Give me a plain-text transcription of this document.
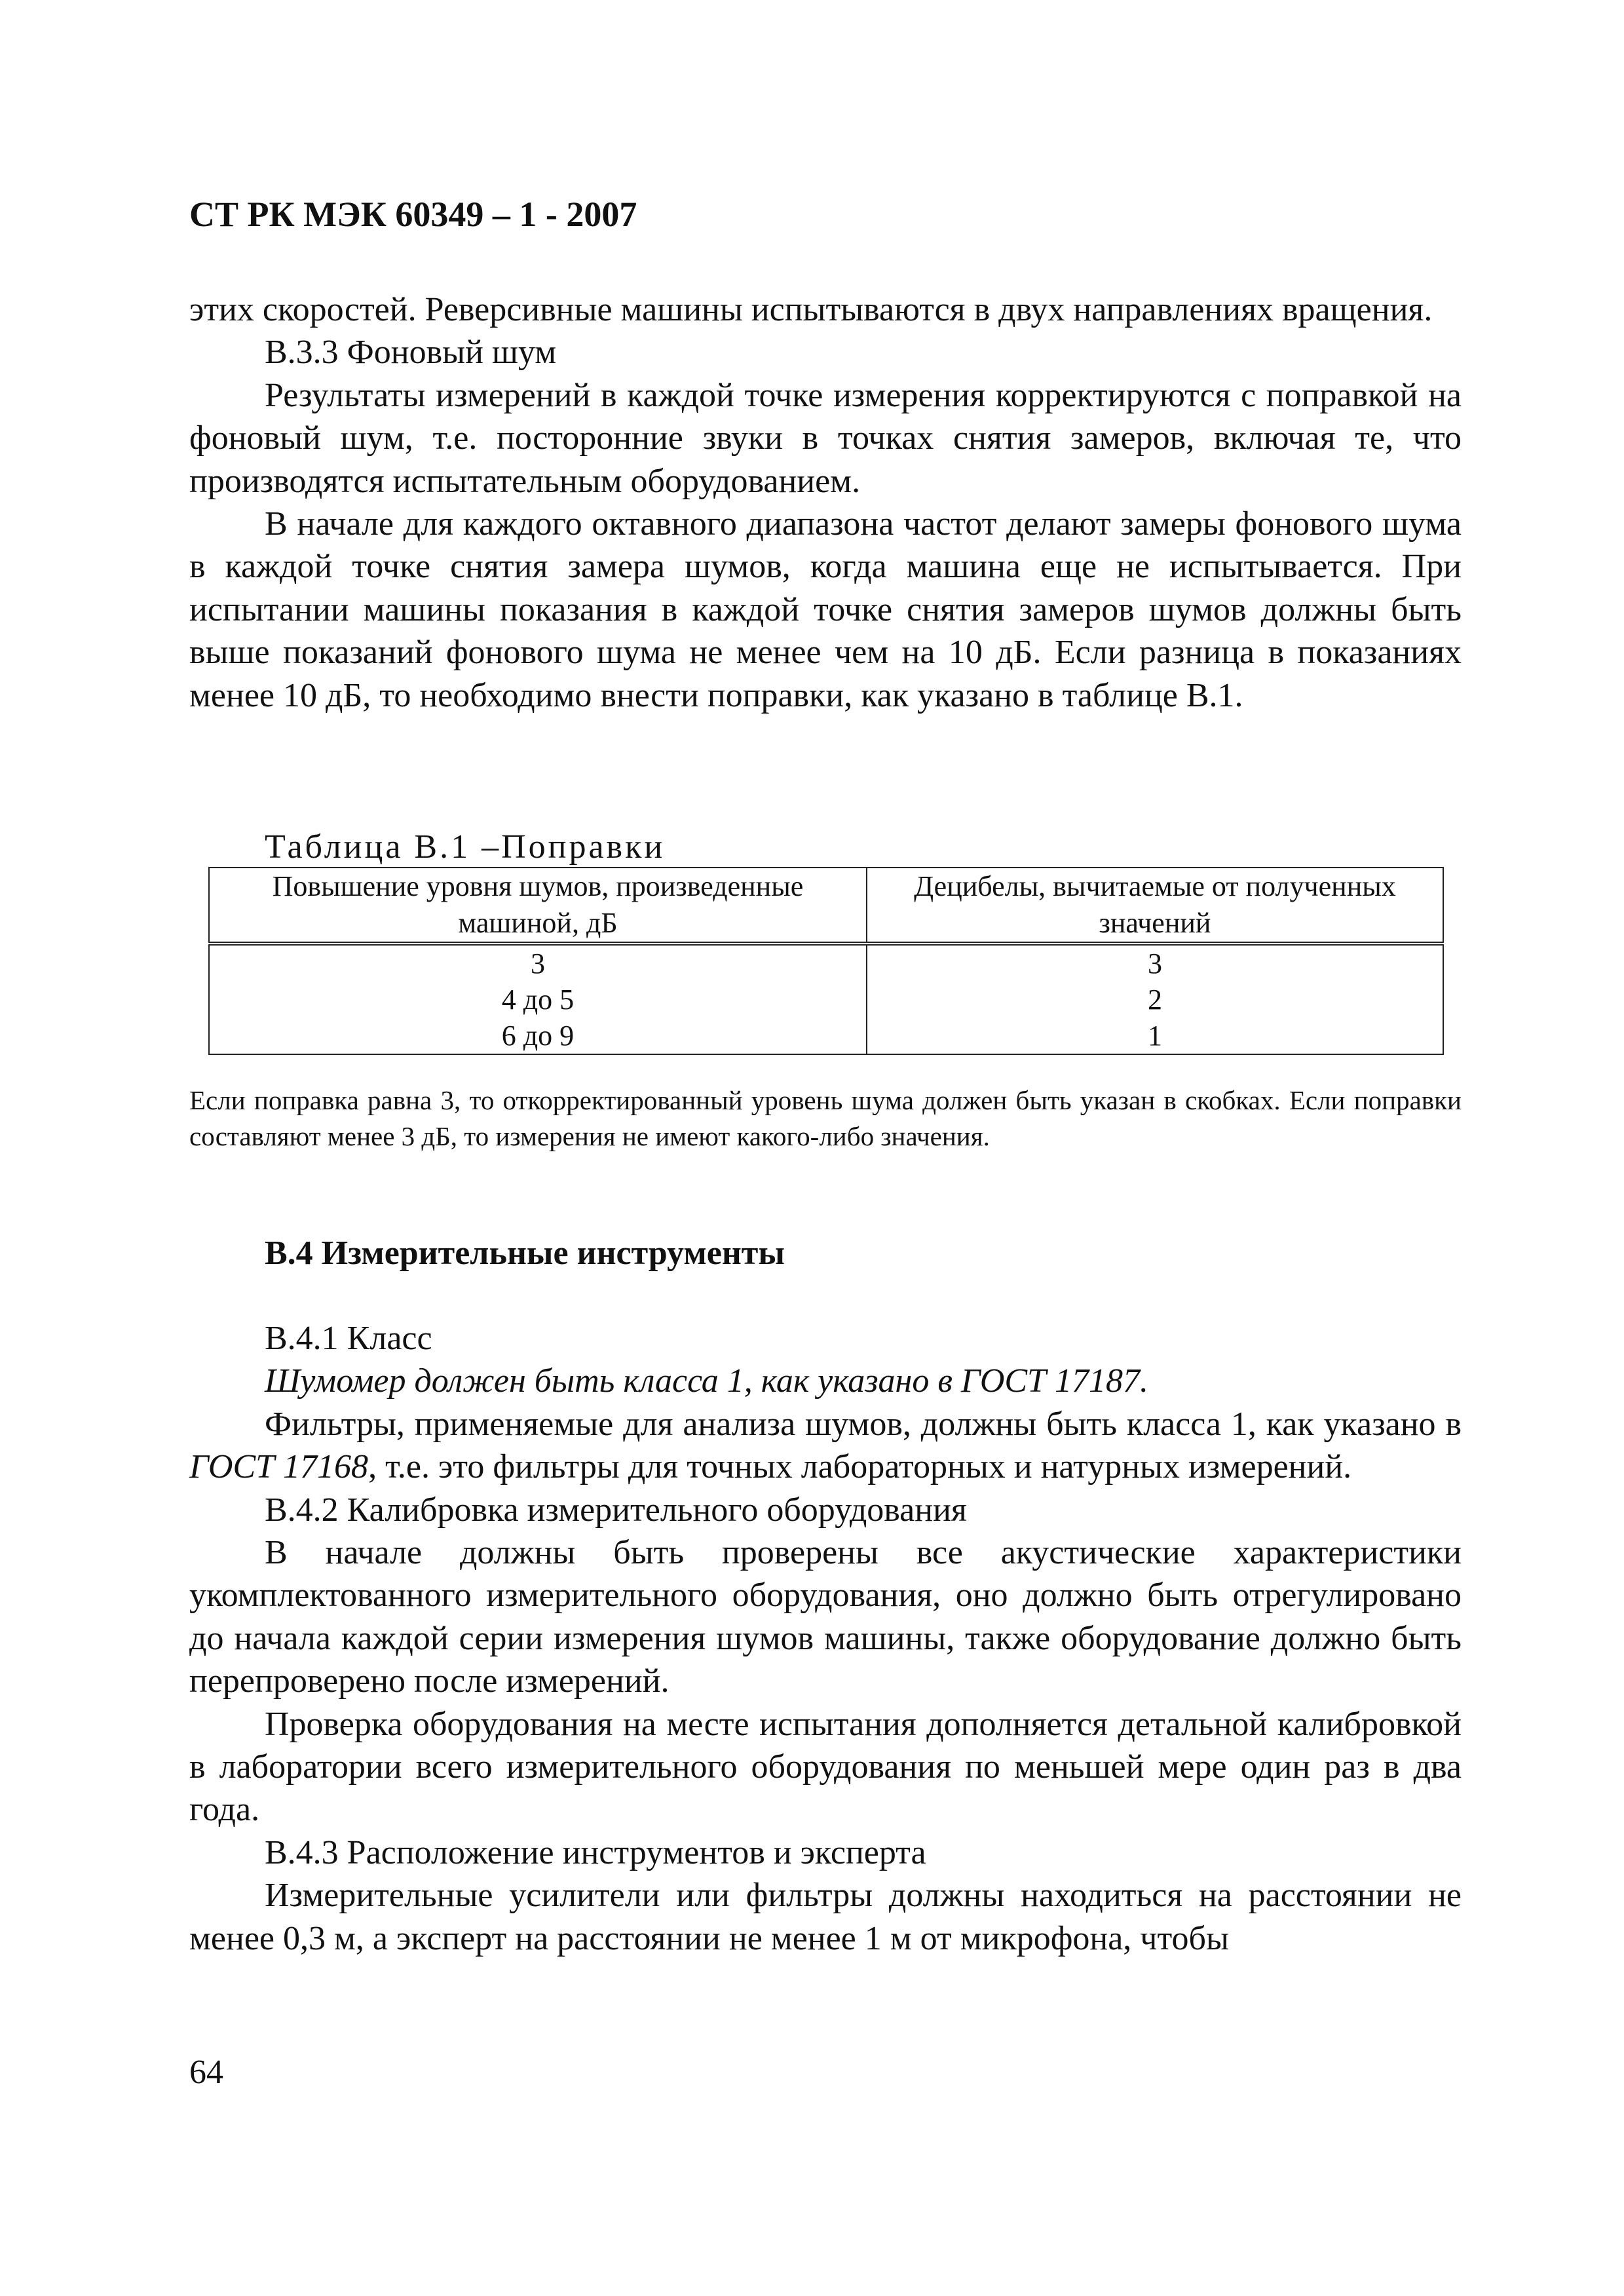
СТ РК МЭК 60349 – 1 - 2007

этих скоростей. Реверсивные машины испытываются в двух направлениях вращения.

В.3.3 Фоновый шум

Результаты измерений в каждой точке измерения корректируются с поправкой на фоновый шум, т.е. посторонние звуки в точках снятия замеров, включая те, что производятся испытательным оборудованием.

В начале для каждого октавного диапазона частот делают замеры фонового шума в каждой точке снятия замера шумов, когда машина еще не испытывается. При испытании машины показания в каждой точке снятия замеров шумов должны быть выше показаний фонового шума не менее чем на 10 дБ. Если разница в показаниях менее 10 дБ, то необходимо внести поправки, как указано в таблице В.1.

Таблица В.1 –Поправки
Повышение уровня шумов, произведенные машиной, дБ	Децибелы, вычитаемые от полученных значений
3	3
4 до 5	2
6 до 9	1

Если поправка равна 3, то откорректированный уровень шума должен быть указан в скобках. Если поправки составляют менее 3 дБ, то измерения не имеют какого-либо значения.

В.4 Измерительные инструменты

В.4.1 Класс

Шумомер должен быть класса 1, как указано в ГОСТ 17187.

Фильтры, применяемые для анализа шумов, должны быть класса 1, как указано в ГОСТ 17168, т.е. это фильтры для точных лабораторных и натурных измерений.

В.4.2 Калибровка измерительного оборудования

В начале должны быть проверены все акустические характеристики укомплектованного измерительного оборудования, оно должно быть отрегулировано до начала каждой серии измерения шумов машины, также оборудование должно быть перепроверено после измерений.

Проверка оборудования на месте испытания дополняется детальной калибровкой в лаборатории всего измерительного оборудования по меньшей мере один раз в два года.

В.4.3 Расположение инструментов и эксперта

Измерительные усилители или фильтры должны находиться на расстоянии не менее 0,3 м, а эксперт на расстоянии не менее 1 м от микрофона, чтобы

64
